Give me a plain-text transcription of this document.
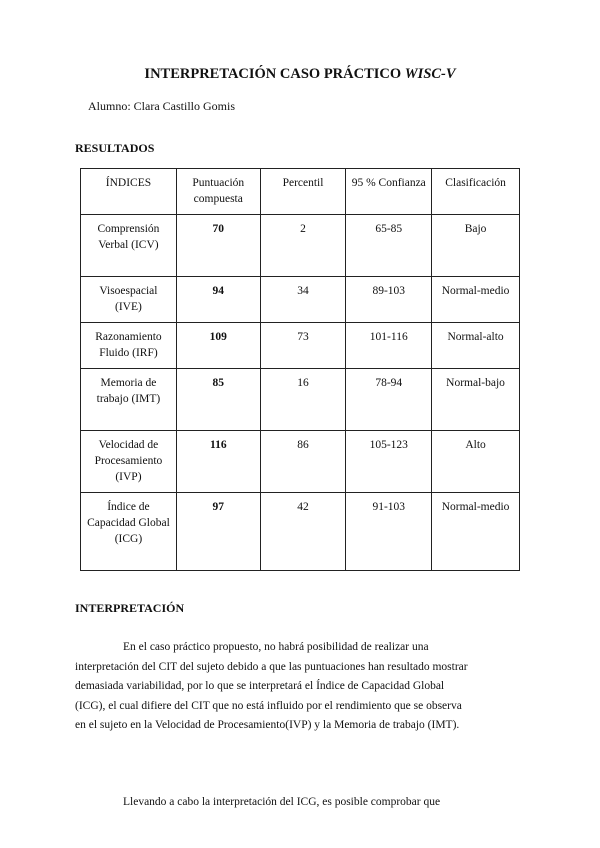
INTERPRETACIÓN CASO PRÁCTICO WISC-V
Alumno: Clara Castillo Gomis
RESULTADOS
ÍNDICES	Puntuación compuesta	Percentil	95 % Confianza	Clasificación
Comprensión Verbal (ICV)	70	2	65-85	Bajo
Visoespacial (IVE)	94	34	89-103	Normal-medio
Razonamiento Fluido (IRF)	109	73	101-116	Normal-alto
Memoria de trabajo (IMT)	85	16	78-94	Normal-bajo
Velocidad de Procesamiento (IVP)	116	86	105-123	Alto
Índice de Capacidad Global (ICG)	97	42	91-103	Normal-medio
INTERPRETACIÓN
En el caso práctico propuesto, no habrá posibilidad de realizar una interpretación del CIT del sujeto debido a que las puntuaciones han resultado mostrar demasiada variabilidad, por lo que se interpretará el Índice de Capacidad Global (ICG), el cual difiere del CIT que no está influido por el rendimiento que se observa en el sujeto en la Velocidad de Procesamiento(IVP) y la Memoria de trabajo (IMT).
Llevando a cabo la interpretación del ICG, es posible comprobar que
